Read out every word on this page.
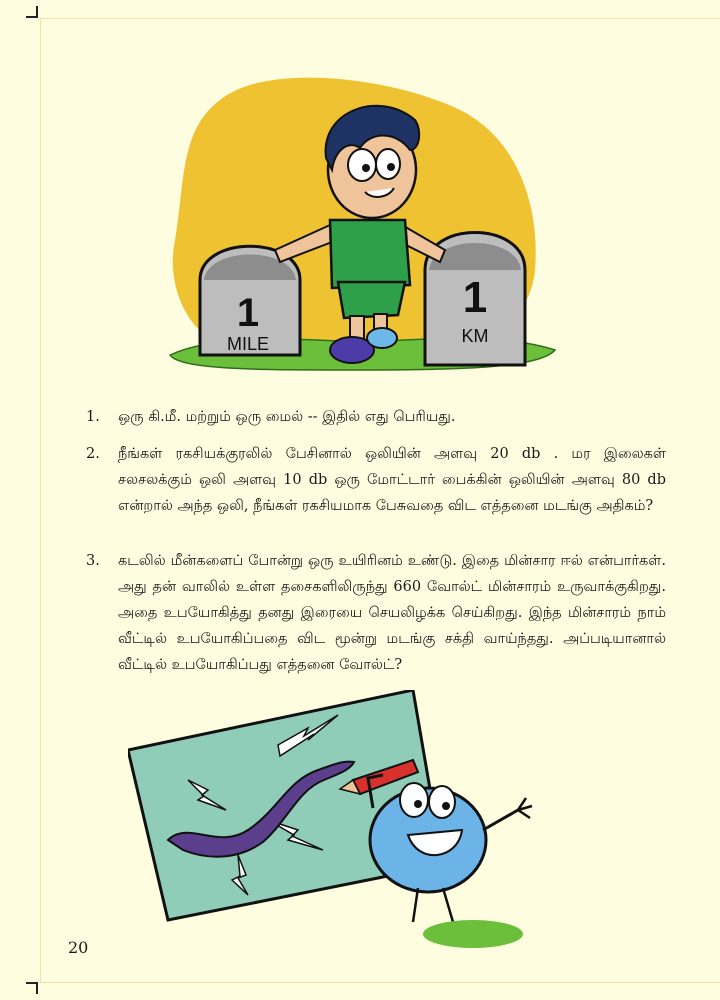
1
MILE
1
KM
1.	ஒரு கி.மீ. மற்றும் ஒரு மைல் -- இதில் எது பெரியது.
2.	நீங்கள் ரகசியக்குரலில் பேசினால் ஒலியின் அளவு 20 db . மர இலைகள் சலசலக்கும் ஒலி அளவு 10 db ஒரு மோட்டார் பைக்கின் ஒலியின் அளவு 80 db என்றால் அந்த ஒலி, நீங்கள் ரகசியமாக பேசுவதை விட எத்தனை மடங்கு அதிகம்?
3.	கடலில் மீன்களைப் போன்று ஒரு உயிரினம் உண்டு. இதை மின்சார ஈல் என்பார்கள். அது தன் வாலில் உள்ள தசைகளிலிருந்து 660 வோல்ட் மின்சாரம் உருவாக்குகிறது. அதை உபயோகித்து தனது இரையை செயலிழக்க செய்கிறது. இந்த மின்சாரம் நாம் வீட்டில் உபயோகிப்பதை விட மூன்று மடங்கு சக்தி வாய்ந்தது. அப்படியானால் வீட்டில் உபயோகிப்பது எத்தனை வோல்ட்?
20
